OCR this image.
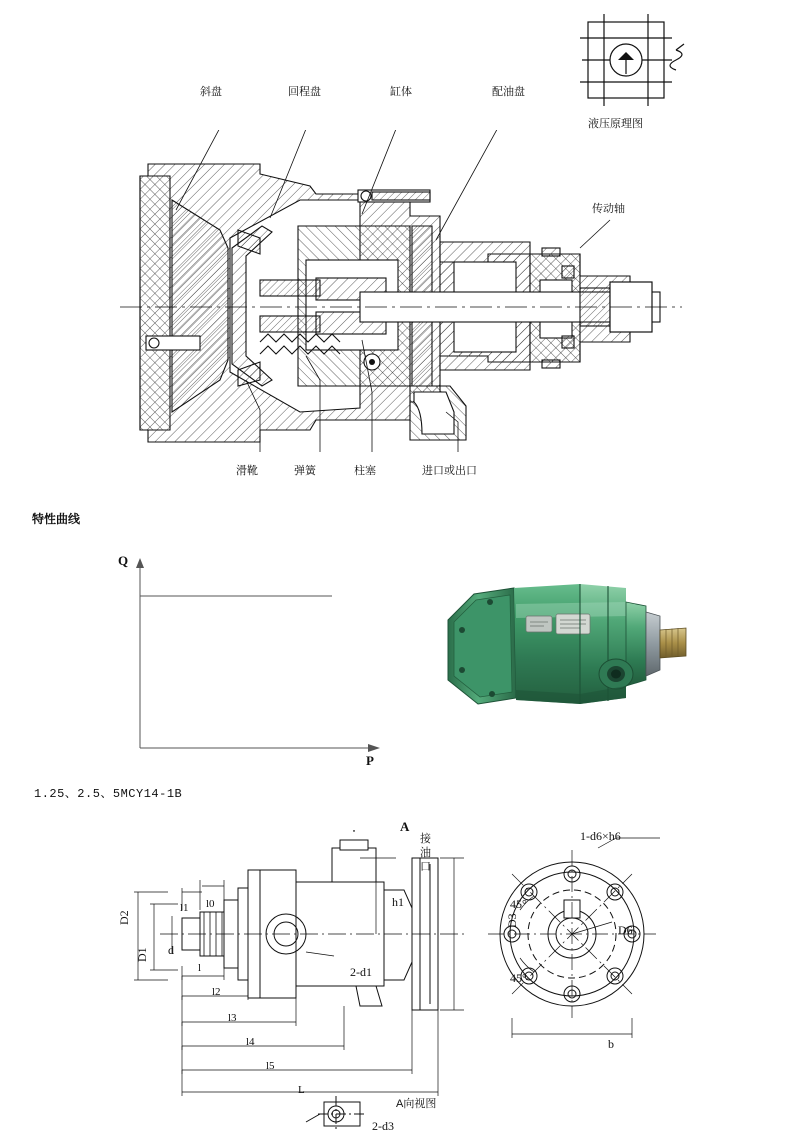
液压原理图
斜盘	回程盘	缸体	配油盘
传动轴
滑靴	弹簧	柱塞	进口或出口
特性曲线
Q
P
1.25、2.5、5MCY14-1B
A
接油口
D2
D1 d
l1 l0
l
l2
l3
l4
l5
L
h1
D3
2-d1
2-d3
A向视图
1-d6×h6
45°
45°
D6
b
